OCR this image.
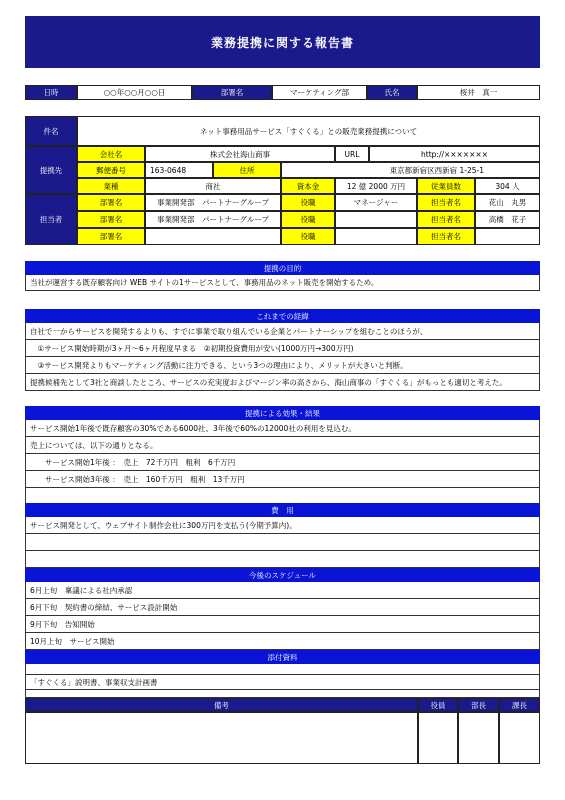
業務提携に関する報告書
日時	○○年○○月○○日	部署名	マーケティング部	氏名	桜井　真一
件名	ネット事務用品サービス「すぐくる」との販売業務提携について
提携先
会社名	株式会社海山商事	URL	http://×××××××
郵便番号	163-0648	住所	東京都新宿区西新宿 1-25-1
業種	商社	資本金	12 億 2000 万円	従業員数	304 人
担当者
部署名	事業開発部　パートナーグループ	役職	マネージャー	担当者名	花山　丸男
部署名	事業開発部　パートナーグループ	役職	担当者名	高橋　花子
部署名	役職	担当者名
提携の目的
当社が運営する既存顧客向け WEB サイトの1サービスとして、事務用品のネット販売を開始するため。
これまでの経緯
自社で一からサービスを開発するよりも、すでに事業で取り組んでいる企業とパートナーシップを組むことのほうが、
　①サービス開始時期が3ヶ月～6ヶ月程度早まる　②初期投資費用が安い(1000万円→300万円)
　③サービス開発よりもマーケティング活動に注力できる、という3つの理由により、メリットが大きいと判断。
提携候補先として3社と商談したところ、サービスの充実度およびマージン率の高さから、海山商事の「すぐくる」がもっとも適切と考えた。
提携による効果・結果
サービス開始1年後で既存顧客の30%である6000社、3年後で60%の12000社の利用を見込む。
売上については、以下の通りとなる。
　　サービス開始1年後 ：　売上　72千万円　粗利　6千万円
　　サービス開始3年後 ：　売上　160千万円　粗利　13千万円
費　用
サービス開発として、ウェブサイト制作会社に300万円を支払う(今期予算内)。
今後のスケジュール
6月上旬　稟議による社内承認
6月下旬　契約書の締結、サービス設計開始
9月下旬　告知開始
10月上旬　サービス開始
添付資料
「すぐくる」説明書、事業収支計画書
備考	役員	部長	課長
